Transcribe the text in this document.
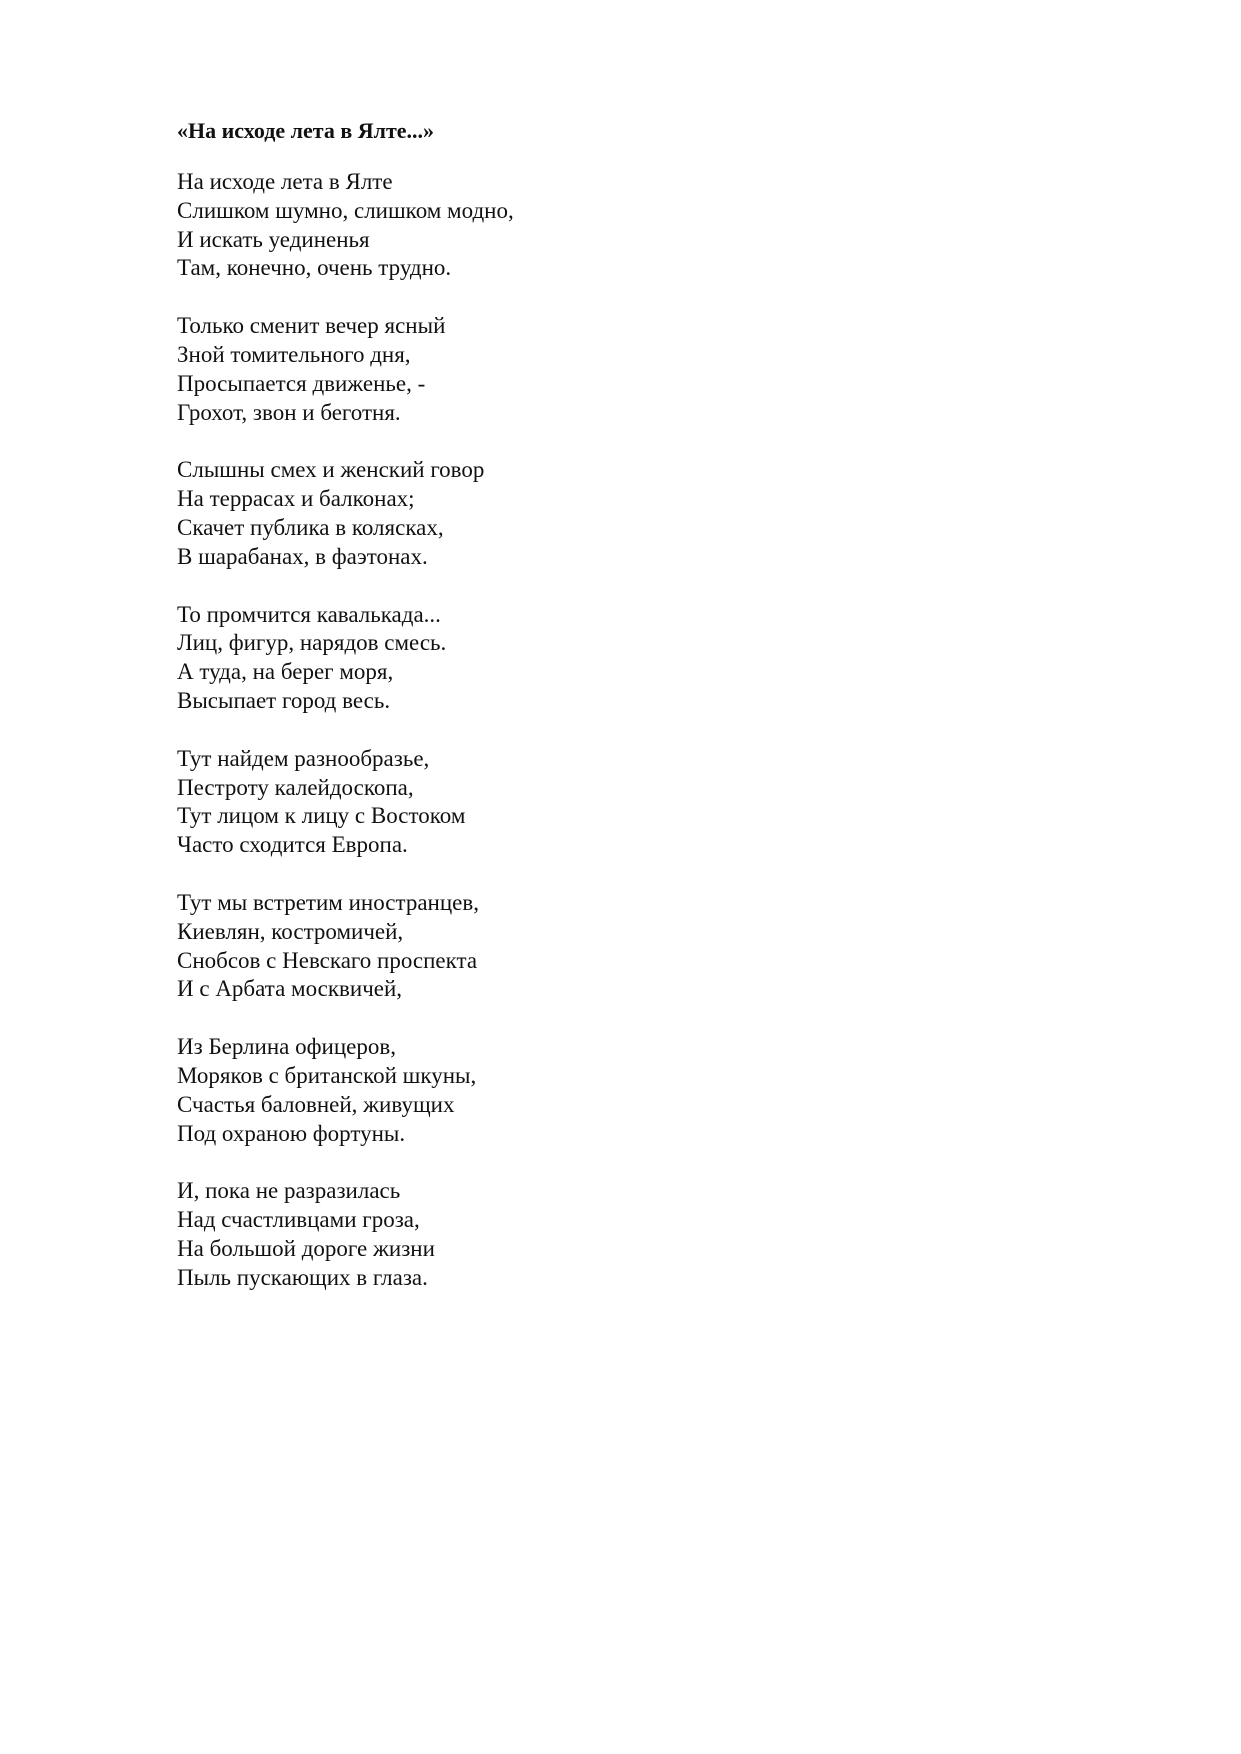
«На исходе лета в Ялте...»
На исходе лета в Ялте
Слишком шумно, слишком модно,
И искать уединенья
Там, конечно, очень трудно.
Только сменит вечер ясный
Зной томительного дня,
Просыпается движенье, -
Грохот, звон и беготня.
Слышны смех и женский говор
На террасах и балконах;
Скачет публика в колясках,
В шарабанах, в фаэтонах.
То промчится кавалькада...
Лиц, фигур, нарядов смесь.
А туда, на берег моря,
Высыпает город весь.
Тут найдем разнообразье,
Пестроту калейдоскопа,
Тут лицом к лицу с Востоком
Часто сходится Европа.
Тут мы встретим иностранцев,
Киевлян, костромичей,
Снобсов с Невскаго проспекта
И с Арбата москвичей,
Из Берлина офицеров,
Моряков с британской шкуны,
Счастья баловней, живущих
Под охраною фортуны.
И, пока не разразилась
Над счастливцами гроза,
На большой дороге жизни
Пыль пускающих в глаза.
